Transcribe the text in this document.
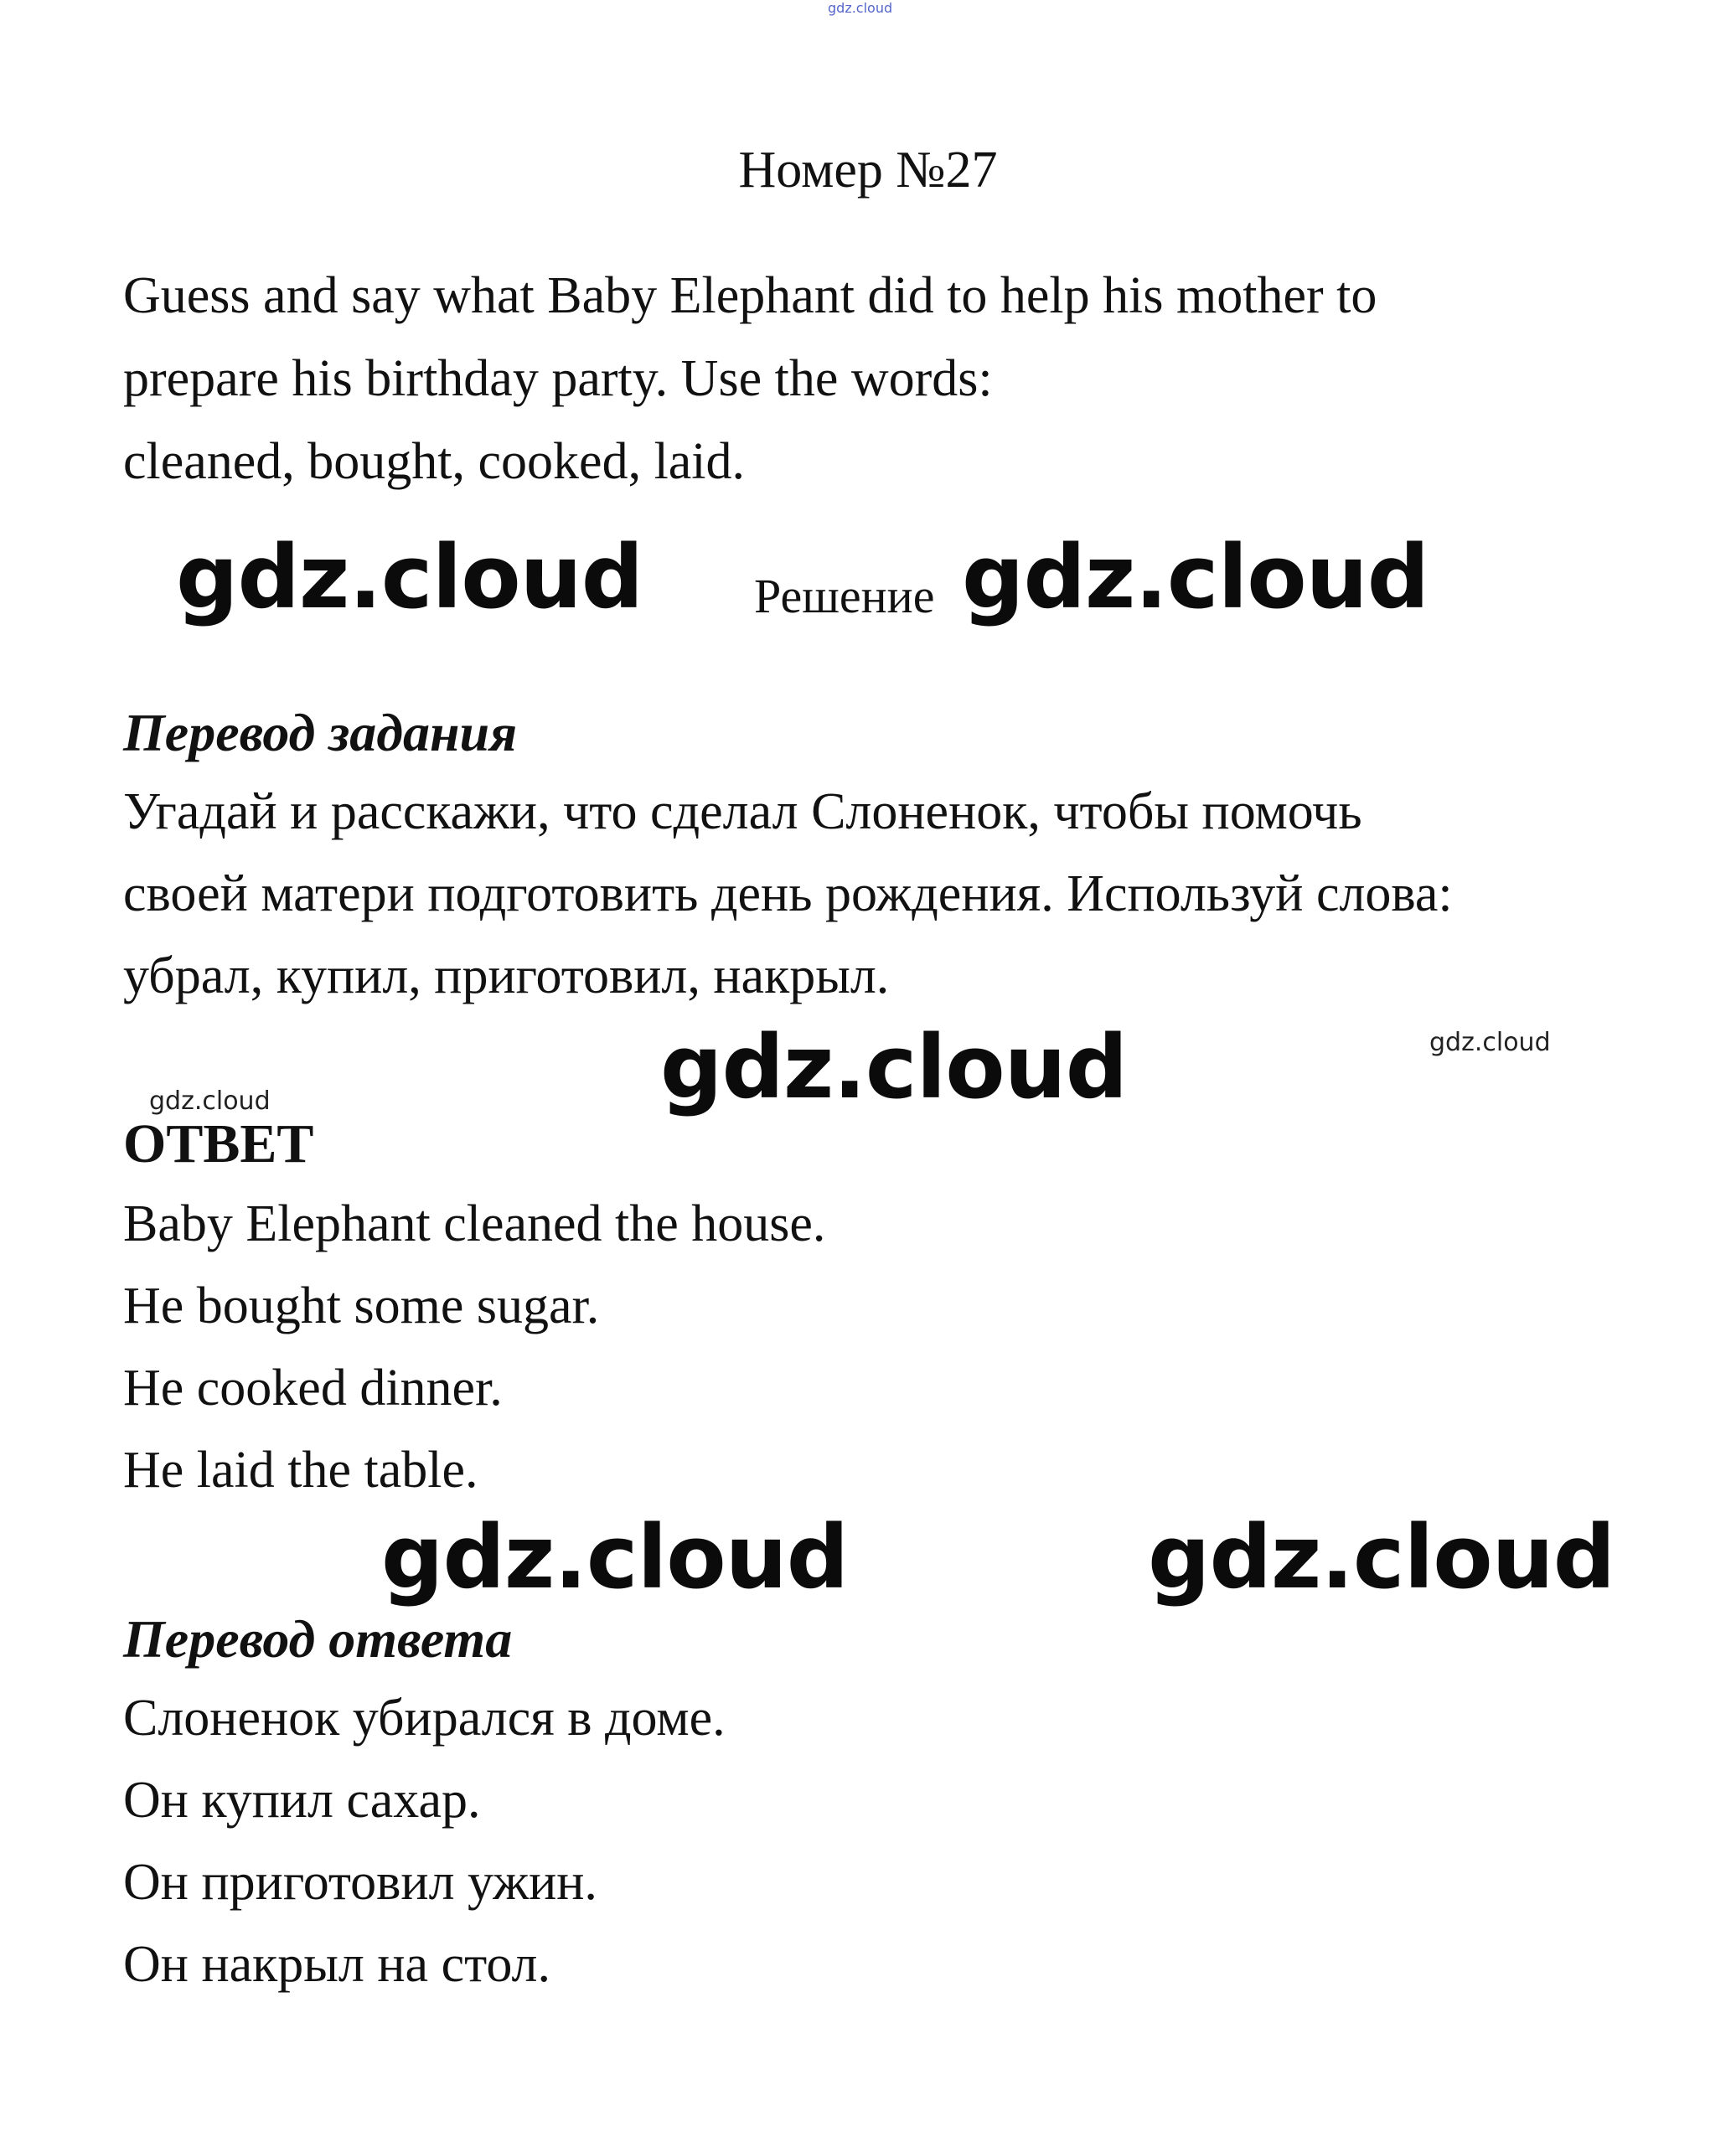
gdz.cloud
Номер №27
Guess and say what Baby Elephant did to help his mother to
prepare his birthday party. Use the words:
cleaned, bought, cooked, laid.
gdz.cloud Решение gdz.cloud
Перевод задания
Угадай и расскажи, что сделал Слоненок, чтобы помочь
своей матери подготовить день рождения. Используй слова:
убрал, купил, приготовил, накрыл.
gdz.cloud	gdz.cloud
gdz.cloud
ОТВЕТ
Baby Elephant cleaned the house.
He bought some sugar.
He cooked dinner.
He laid the table.
gdz.cloud	gdz.cloud
Перевод ответа
Слоненок убирался в доме.
Он купил сахар.
Он приготовил ужин.
Он накрыл на стол.
